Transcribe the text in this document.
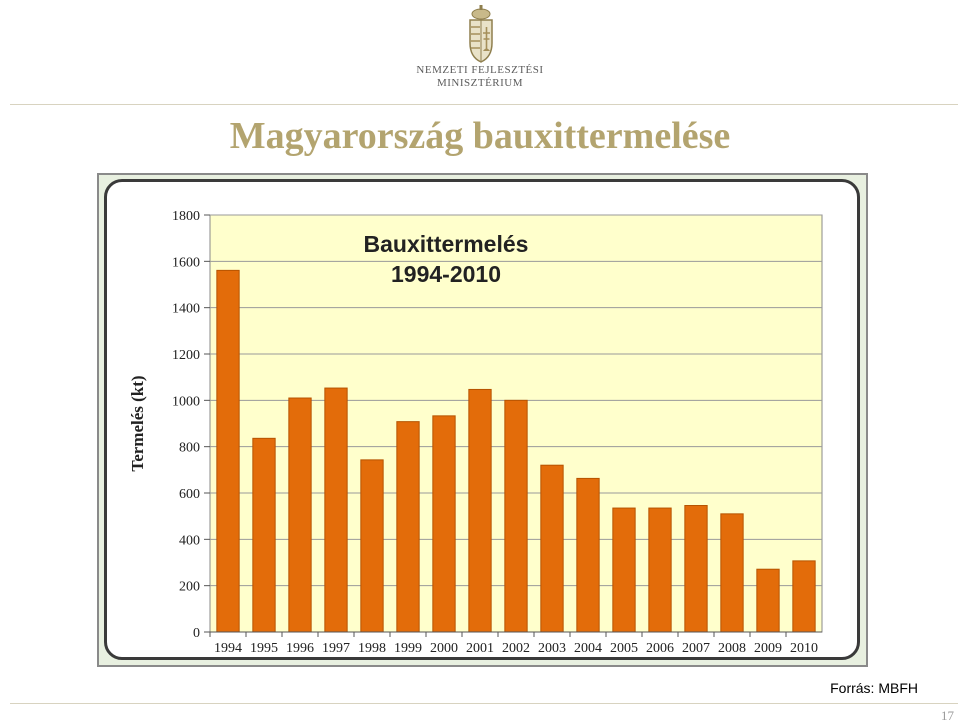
NEMZETI FEJLESZTÉSI
MINISZTÉRIUM
Magyarország bauxittermelése
0
200
400
600
800
1000
1200
1400
1600
1800
1994 1995 1996 1997 1998 1999 2000 2001 2002 2003 2004 2005 2006 2007 2008 2009 2010
Termelés (kt)
Bauxittermelés
1994-2010
Forrás: MBFH
17
